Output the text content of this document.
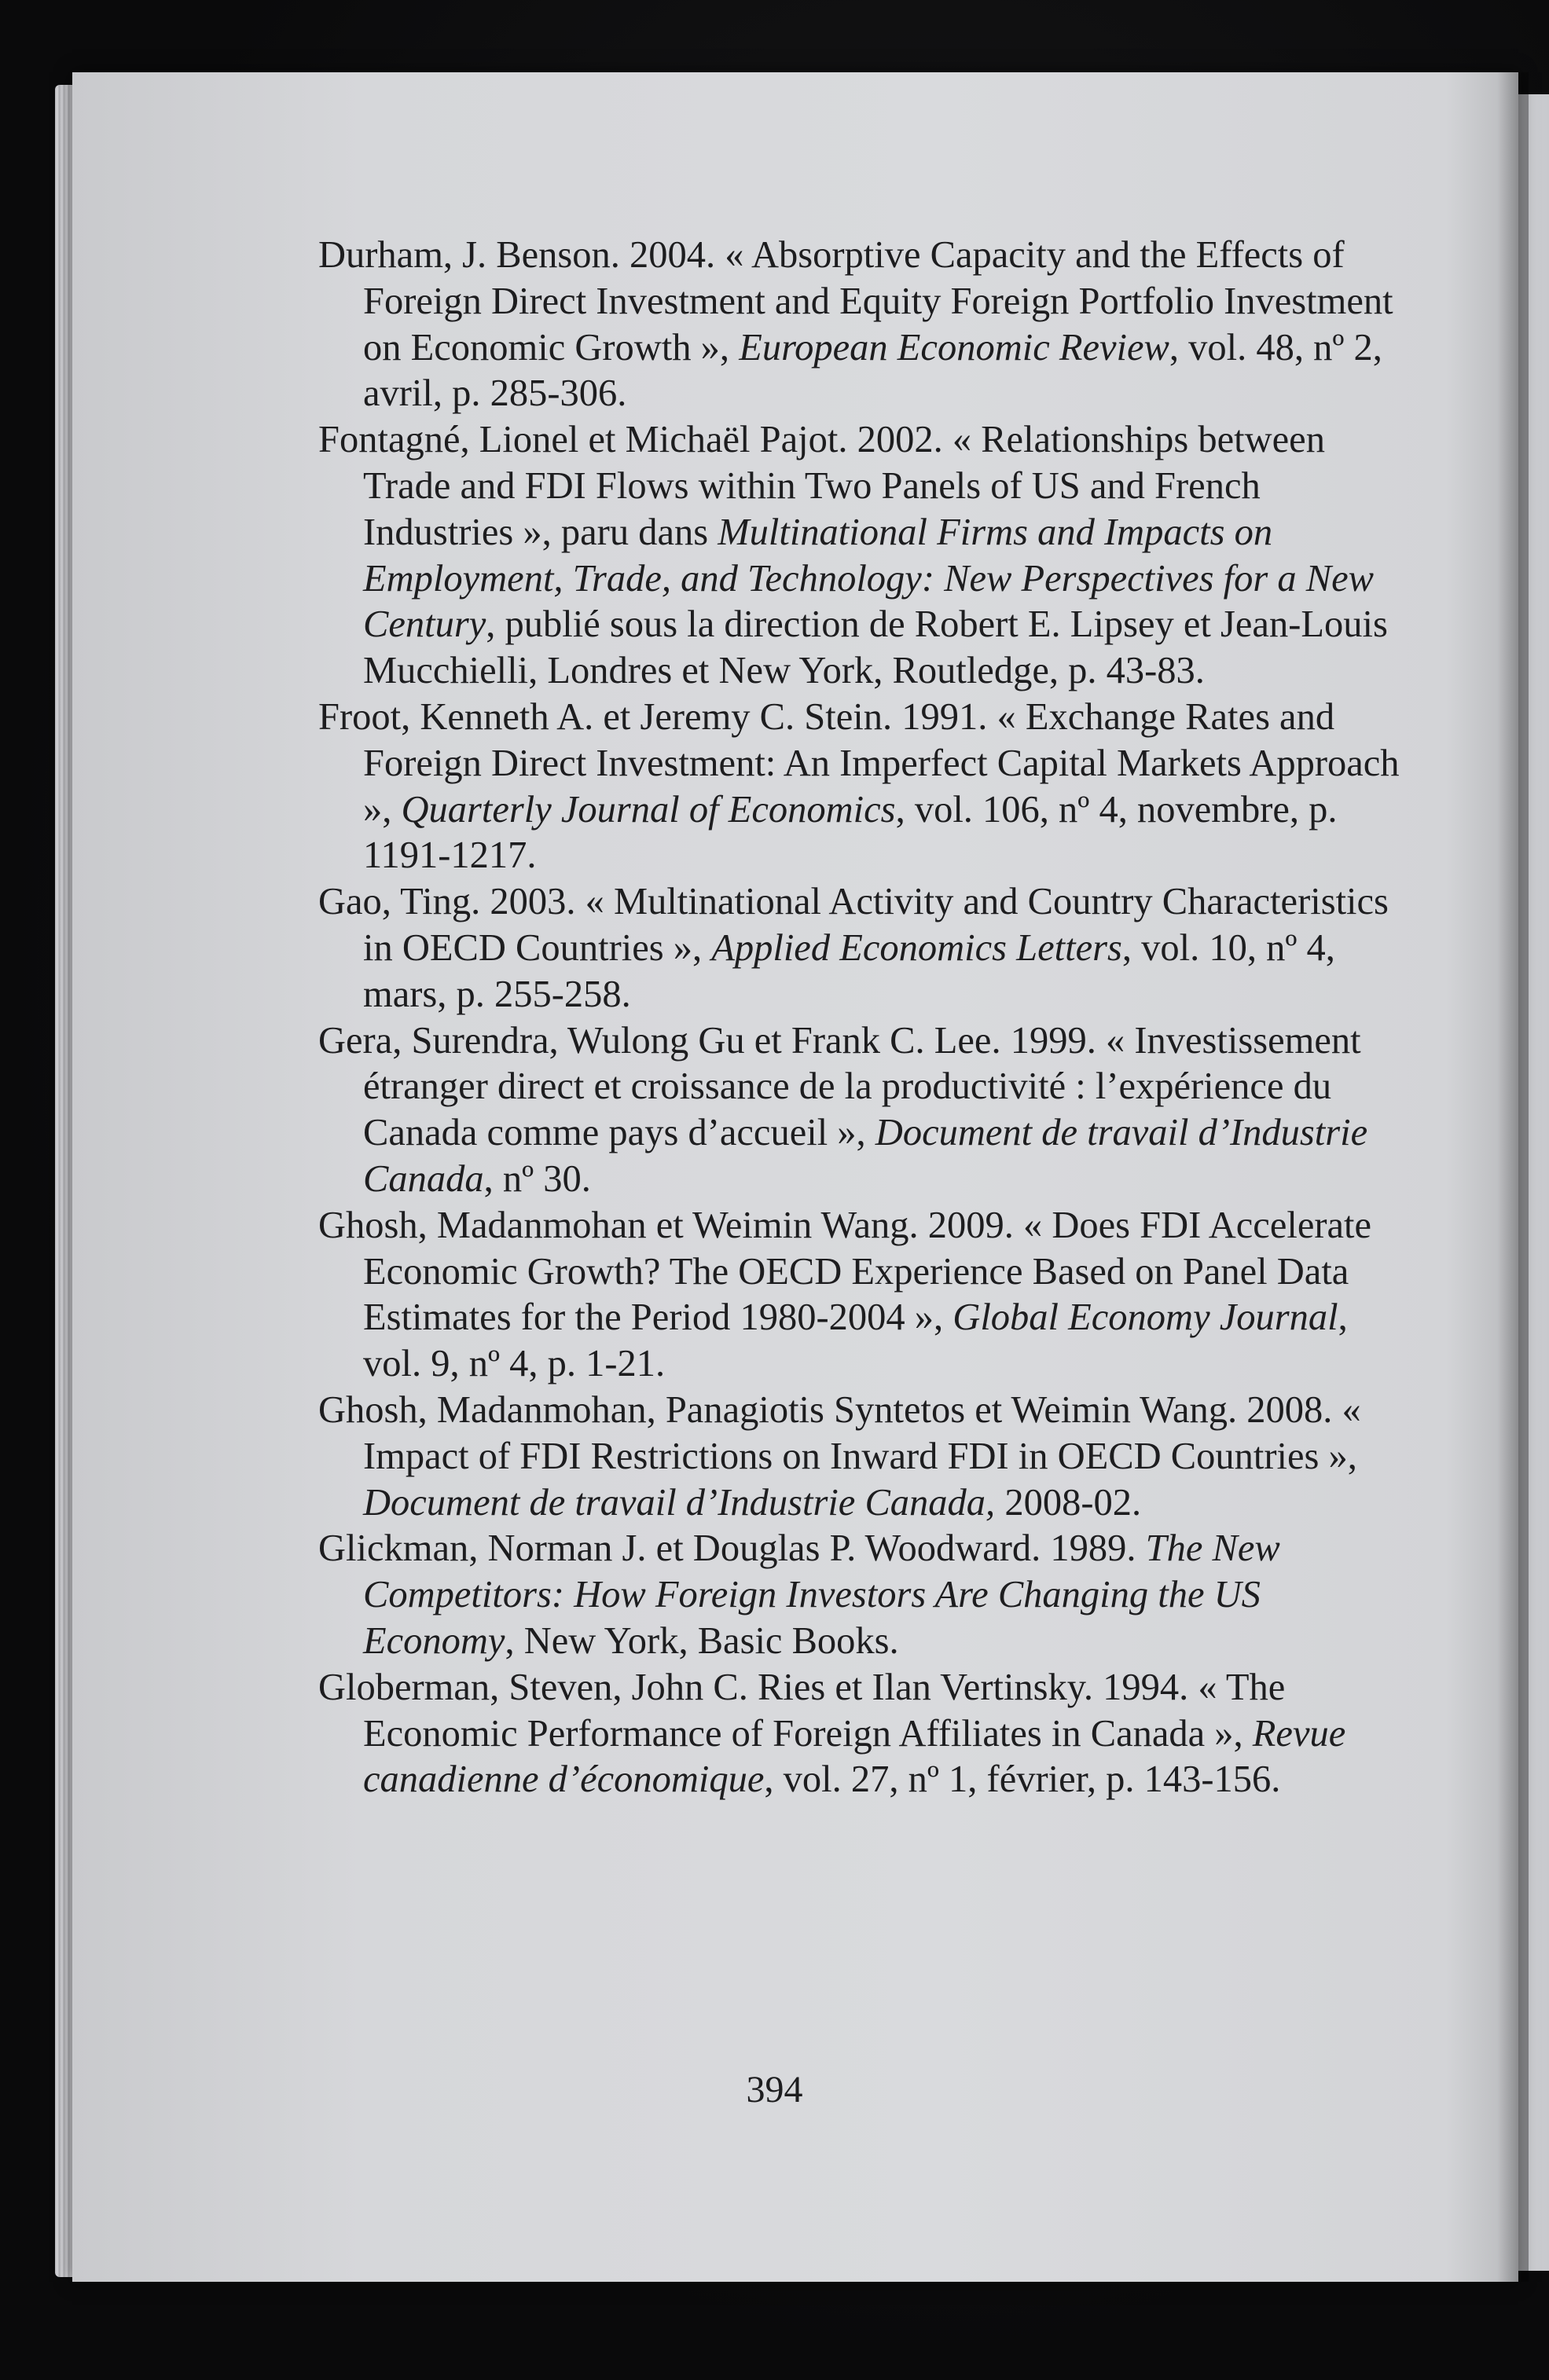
Durham, J. Benson. 2004. « Absorptive Capacity and the Effects of Foreign Direct Investment and Equity Foreign Portfolio Investment on Economic Growth », European Economic Review, vol. 48, nº 2, avril, p. 285-306.

Fontagné, Lionel et Michaël Pajot. 2002. « Relationships between Trade and FDI Flows within Two Panels of US and French Industries », paru dans Multinational Firms and Impacts on Employment, Trade, and Technology: New Perspectives for a New Century, publié sous la direction de Robert E. Lipsey et Jean-Louis Mucchielli, Londres et New York, Routledge, p. 43-83.

Froot, Kenneth A. et Jeremy C. Stein. 1991. « Exchange Rates and Foreign Direct Investment: An Imperfect Capital Markets Approach », Quarterly Journal of Economics, vol. 106, nº 4, novembre, p. 1191-1217.

Gao, Ting. 2003. « Multinational Activity and Country Characteristics in OECD Countries », Applied Economics Letters, vol. 10, nº 4, mars, p. 255-258.

Gera, Surendra, Wulong Gu et Frank C. Lee. 1999. « Investissement étranger direct et croissance de la productivité : l’expérience du Canada comme pays d’accueil », Document de travail d’Industrie Canada, nº 30.

Ghosh, Madanmohan et Weimin Wang. 2009. « Does FDI Accelerate Economic Growth? The OECD Experience Based on Panel Data Estimates for the Period 1980-2004 », Global Economy Journal, vol. 9, nº 4, p. 1-21.

Ghosh, Madanmohan, Panagiotis Syntetos et Weimin Wang. 2008. « Impact of FDI Restrictions on Inward FDI in OECD Countries », Document de travail d’Industrie Canada, 2008-02.

Glickman, Norman J. et Douglas P. Woodward. 1989. The New Competitors: How Foreign Investors Are Changing the US Economy, New York, Basic Books.

Globerman, Steven, John C. Ries et Ilan Vertinsky. 1994. « The Economic Performance of Foreign Affiliates in Canada », Revue canadienne d’économique, vol. 27, nº 1, février, p. 143-156.

394
